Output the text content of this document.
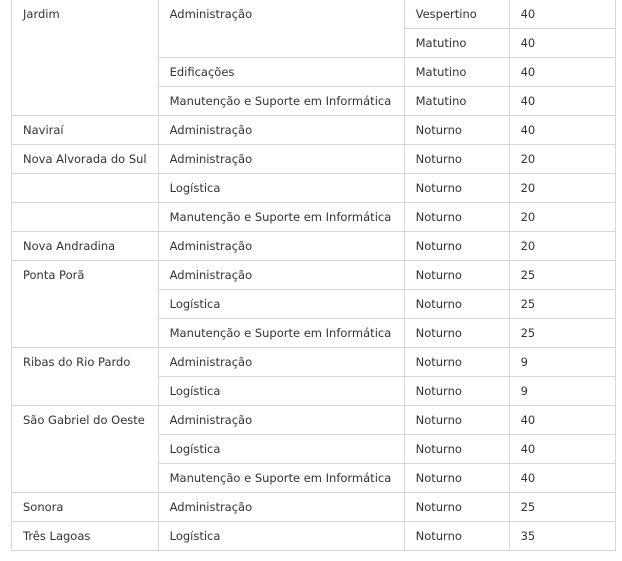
Jardim	Administração	Vespertino	40
		Matutino	40
	Edificações	Matutino	40
	Manutenção e Suporte em Informática	Matutino	40
Naviraí	Administração	Noturno	40
Nova Alvorada do Sul	Administração	Noturno	20
	Logística	Noturno	20
	Manutenção e Suporte em Informática	Noturno	20
Nova Andradina	Administração	Noturno	20
Ponta Porã	Administração	Noturno	25
	Logística	Noturno	25
	Manutenção e Suporte em Informática	Noturno	25
Ribas do Rio Pardo	Administração	Noturno	9
	Logística	Noturno	9
São Gabriel do Oeste	Administração	Noturno	40
	Logística	Noturno	40
	Manutenção e Suporte em Informática	Noturno	40
Sonora	Administração	Noturno	25
Três Lagoas	Logística	Noturno	35
